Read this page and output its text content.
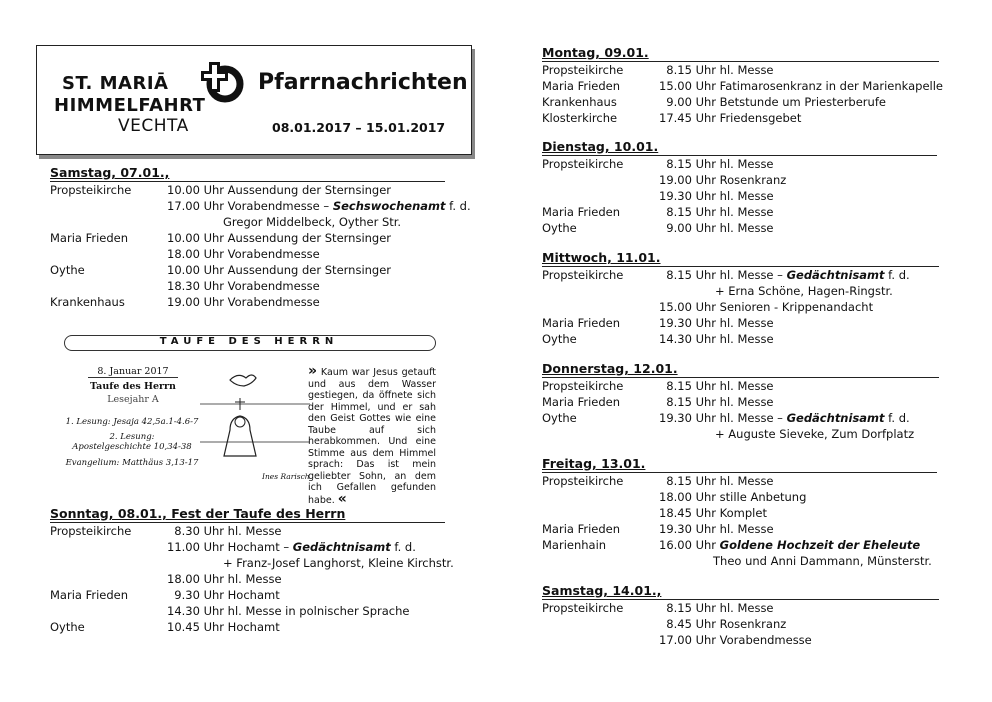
ST. MARIĀ
HIMMELFAHRT
VECHTA
Pfarrnachrichten
08.01.2017 – 15.01.2017
Samstag, 07.01.,
Propsteikirche	10.00 Uhr Aussendung der Sternsinger
17.00 Uhr Vorabendmesse – Sechswochenamt f. d.
Gregor Middelbeck, Oyther Str.
Maria Frieden	10.00 Uhr Aussendung der Sternsinger
18.00 Uhr Vorabendmesse
Oythe	10.00 Uhr Aussendung der Sternsinger
18.30 Uhr Vorabendmesse
Krankenhaus	19.00 Uhr Vorabendmesse
TAUFE DES HERRN
8. Januar 2017
Taufe des Herrn
Lesejahr A
1. Lesung: Jesaja 42,5a.1-4.6-7
2. Lesung:
Apostelgeschichte 10,34-38
Evangelium: Matthäus 3,13-17
Ines Rarisch
» Kaum war Jesus getauft und aus dem Wasser gestiegen, da öffnete sich der Himmel, und er sah den Geist Gottes wie eine Taube auf sich herabkommen. Und eine Stimme aus dem Himmel sprach: Das ist mein geliebter Sohn, an dem ich Gefallen gefunden habe. «
Sonntag, 08.01., Fest der Taufe des Herrn
Propsteikirche	8.30 Uhr hl. Messe
11.00 Uhr Hochamt – Gedächtnisamt f. d.
+ Franz-Josef Langhorst, Kleine Kirchstr.
18.00 Uhr hl. Messe
Maria Frieden	9.30 Uhr Hochamt
14.30 Uhr hl. Messe in polnischer Sprache
Oythe	10.45 Uhr Hochamt
Montag, 09.01.
Propsteikirche	8.15 Uhr hl. Messe
Maria Frieden	15.00 Uhr Fatimarosenkranz in der Marienkapelle
Krankenhaus	9.00 Uhr Betstunde um Priesterberufe
Klosterkirche	17.45 Uhr Friedensgebet
Dienstag, 10.01.
Propsteikirche	8.15 Uhr hl. Messe
19.00 Uhr Rosenkranz
19.30 Uhr hl. Messe
Maria Frieden	8.15 Uhr hl. Messe
Oythe	9.00 Uhr hl. Messe
Mittwoch, 11.01.
Propsteikirche	8.15 Uhr hl. Messe – Gedächtnisamt f. d.
+ Erna Schöne, Hagen-Ringstr.
15.00 Uhr Senioren - Krippenandacht
Maria Frieden	19.30 Uhr hl. Messe
Oythe	14.30 Uhr hl. Messe
Donnerstag, 12.01.
Propsteikirche	8.15 Uhr hl. Messe
Maria Frieden	8.15 Uhr hl. Messe
Oythe	19.30 Uhr hl. Messe – Gedächtnisamt f. d.
+ Auguste Sieveke, Zum Dorfplatz
Freitag, 13.01.
Propsteikirche	8.15 Uhr hl. Messe
18.00 Uhr stille Anbetung
18.45 Uhr Komplet
Maria Frieden	19.30 Uhr hl. Messe
Marienhain	16.00 Uhr Goldene Hochzeit der Eheleute
Theo und Anni Dammann, Münsterstr.
Samstag, 14.01.,
Propsteikirche	8.15 Uhr hl. Messe
8.45 Uhr Rosenkranz
17.00 Uhr Vorabendmesse
